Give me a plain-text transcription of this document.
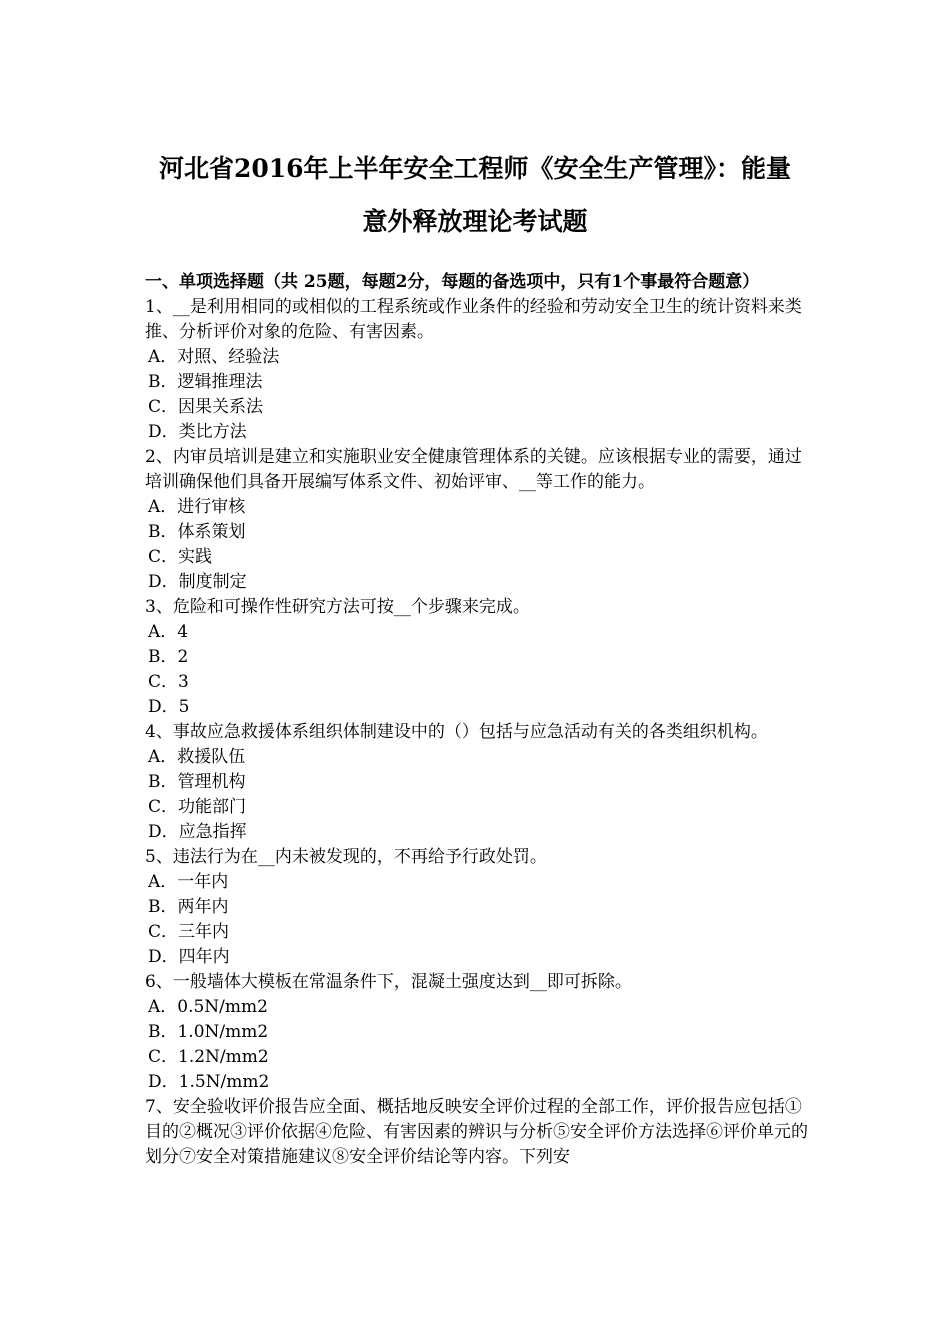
河北省2016年上半年安全工程师《安全生产管理》：能量
意外释放理论考试题

一、单项选择题（共 25题，每题2分，每题的备选项中，只有1个事最符合题意）

1、__是利用相同的或相似的工程系统或作业条件的经验和劳动安全卫生的统计资料来类推、分析评价对象的危险、有害因素。

A．对照、经验法

B．逻辑推理法

C．因果关系法

D．类比方法

2、内审员培训是建立和实施职业安全健康管理体系的关键。应该根据专业的需要，通过培训确保他们具备开展编写体系文件、初始评审、__等工作的能力。

A．进行审核

B．体系策划

C．实践

D．制度制定

3、危险和可操作性研究方法可按__个步骤来完成。

A．4

B．2

C．3

D．5

4、事故应急救援体系组织体制建设中的（）包括与应急活动有关的各类组织机构。

A．救援队伍

B．管理机构

C．功能部门

D．应急指挥

5、违法行为在__内未被发现的，不再给予行政处罚。

A．一年内

B．两年内

C．三年内

D．四年内

6、一般墙体大模板在常温条件下，混凝土强度达到__即可拆除。

A．0.5N/mm2

B．1.0N/mm2

C．1.2N/mm2

D．1.5N/mm2

7、安全验收评价报告应全面、概括地反映安全评价过程的全部工作，评价报告应包括①目的②概况③评价依据④危险、有害因素的辨识与分析⑤安全评价方法选择⑥评价单元的划分⑦安全对策措施建议⑧安全评价结论等内容。下列安
